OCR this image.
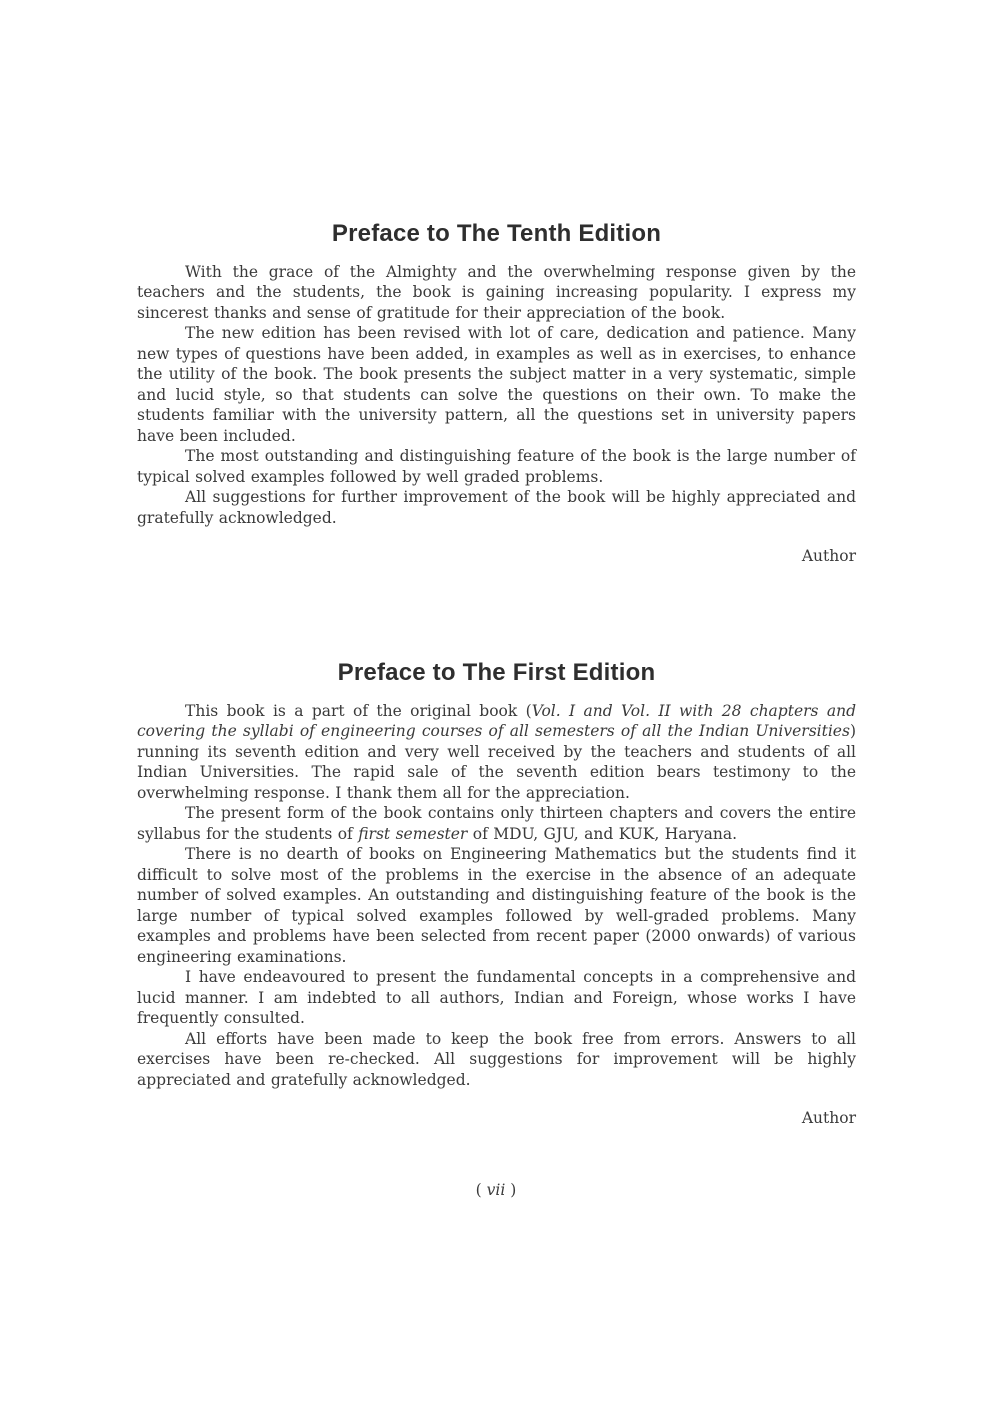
Preface to The Tenth Edition

With the grace of the Almighty and the overwhelming response given by the teachers and the students, the book is gaining increasing popularity. I express my sincerest thanks and sense of gratitude for their appreciation of the book.

The new edition has been revised with lot of care, dedication and patience. Many new types of questions have been added, in examples as well as in exercises, to enhance the utility of the book. The book presents the subject matter in a very systematic, simple and lucid style, so that students can solve the questions on their own. To make the students familiar with the university pattern, all the questions set in university papers have been included.

The most outstanding and distinguishing feature of the book is the large number of typical solved examples followed by well graded problems.

All suggestions for further improvement of the book will be highly appreciated and gratefully acknowledged.

Author

Preface to The First Edition

This book is a part of the original book (Vol. I and Vol. II with 28 chapters and covering the syllabi of engineering courses of all semesters of all the Indian Universities) running its seventh edition and very well received by the teachers and students of all Indian Universities. The rapid sale of the seventh edition bears testimony to the overwhelming response. I thank them all for the appreciation.

The present form of the book contains only thirteen chapters and covers the entire syllabus for the students of first semester of MDU, GJU, and KUK, Haryana.

There is no dearth of books on Engineering Mathematics but the students find it difficult to solve most of the problems in the exercise in the absence of an adequate number of solved examples. An outstanding and distinguishing feature of the book is the large number of typical solved examples followed by well-graded problems. Many examples and problems have been selected from recent paper (2000 onwards) of various engineering examinations.

I have endeavoured to present the fundamental concepts in a comprehensive and lucid manner. I am indebted to all authors, Indian and Foreign, whose works I have frequently consulted.

All efforts have been made to keep the book free from errors. Answers to all exercises have been re-checked. All suggestions for improvement will be highly appreciated and gratefully acknowledged.

Author

( vii )
